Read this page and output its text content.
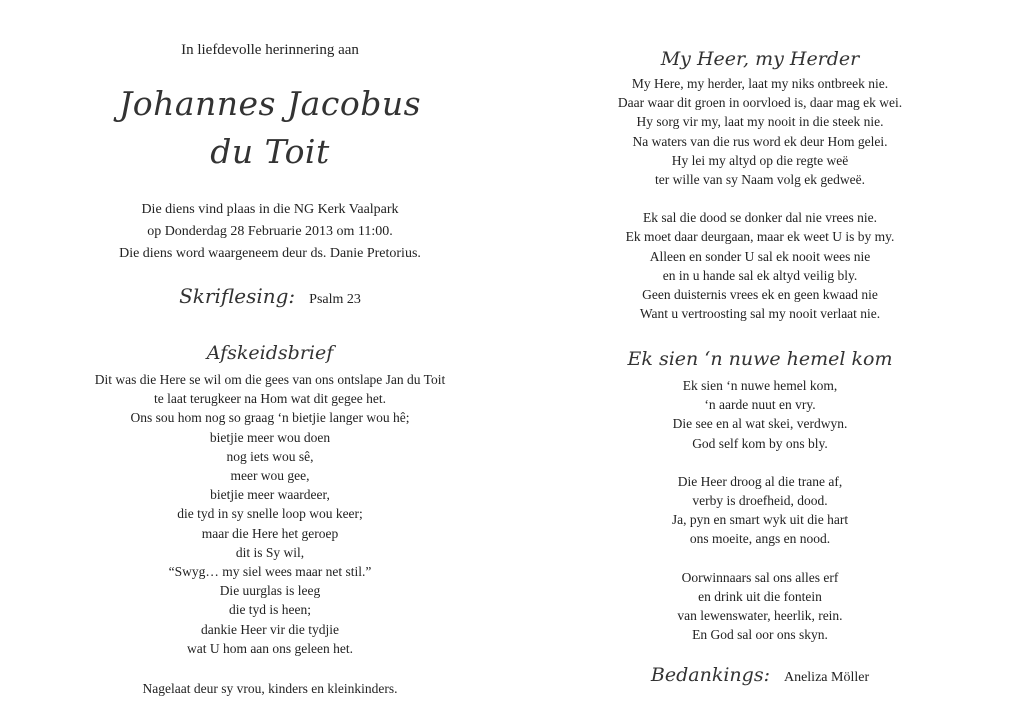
In liefdevolle herinnering aan
Johannes Jacobus
du Toit
Die diens vind plaas in die NG Kerk Vaalpark
op Donderdag 28 Februarie 2013 om 11:00.
Die diens word waargeneem deur ds. Danie Pretorius.
Skriflesing: Psalm 23
Afskeidsbrief
Dit was die Here se wil om die gees van ons ontslape Jan du Toit
te laat terugkeer na Hom wat dit gegee het.
Ons sou hom nog so graag ‘n bietjie langer wou hê;
bietjie meer wou doen
nog iets wou sê,
meer wou gee,
bietjie meer waardeer,
die tyd in sy snelle loop wou keer;
maar die Here het geroep
dit is Sy wil,
“Swyg… my siel wees maar net stil.”
Die uurglas is leeg
die tyd is heen;
dankie Heer vir die tydjie
wat U hom aan ons geleen het.
Nagelaat deur sy vrou, kinders en kleinkinders.
My Heer, my Herder
My Here, my herder, laat my niks ontbreek nie.
Daar waar dit groen in oorvloed is, daar mag ek wei.
Hy sorg vir my, laat my nooit in die steek nie.
Na waters van die rus word ek deur Hom gelei.
Hy lei my altyd op die regte weë
ter wille van sy Naam volg ek gedweë.
Ek sal die dood se donker dal nie vrees nie.
Ek moet daar deurgaan, maar ek weet U is by my.
Alleen en sonder U sal ek nooit wees nie
en in u hande sal ek altyd veilig bly.
Geen duisternis vrees ek en geen kwaad nie
Want u vertroosting sal my nooit verlaat nie.
Ek sien ‘n nuwe hemel kom
Ek sien ‘n nuwe hemel kom,
‘n aarde nuut en vry.
Die see en al wat skei, verdwyn.
God self kom by ons bly.
Die Heer droog al die trane af,
verby is droefheid, dood.
Ja, pyn en smart wyk uit die hart
ons moeite, angs en nood.
Oorwinnaars sal ons alles erf
en drink uit die fontein
van lewenswater, heerlik, rein.
En God sal oor ons skyn.
Bedankings: Aneliza Möller
